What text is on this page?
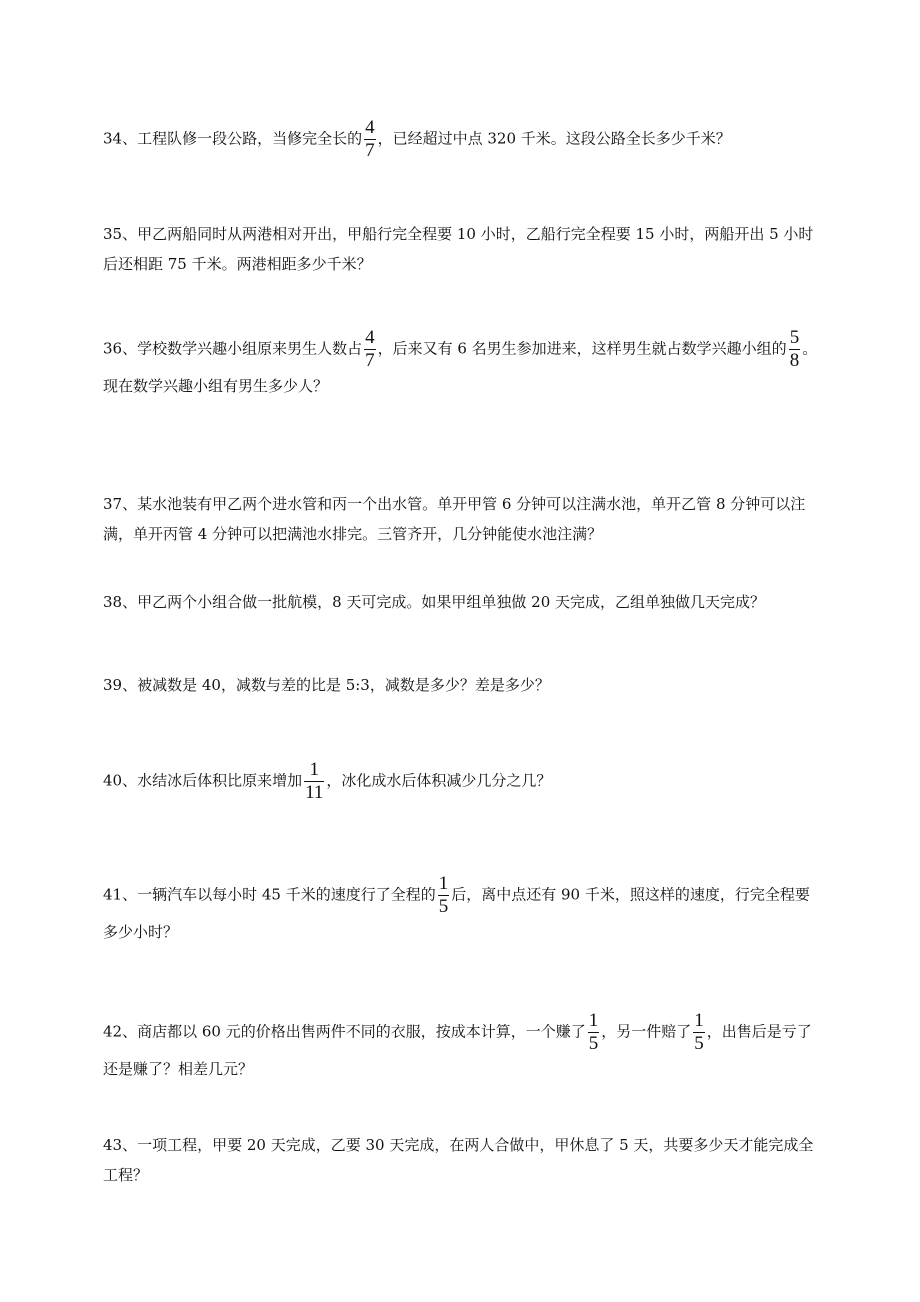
34、工程队修一段公路，当修完全长的 $\frac{4}{7}$ ，已经超过中点 320 千米。这段公路全长多少千米？
35、甲乙两船同时从两港相对开出，甲船行完全程要 10 小时，乙船行完全程要 15 小时，两船开出 5 小时后还相距 75 千米。两港相距多少千米？
36、学校数学兴趣小组原来男生人数占 $\frac{4}{7}$ ，后来又有 6 名男生参加进来，这样男生就占数学兴趣小组的 $\frac{5}{8}$ 。现在数学兴趣小组有男生多少人？
37、某水池装有甲乙两个进水管和丙一个出水管。单开甲管 6 分钟可以注满水池，单开乙管 8 分钟可以注满，单开丙管 4 分钟可以把满池水排完。三管齐开，几分钟能使水池注满？
38、甲乙两个小组合做一批航模，8 天可完成。如果甲组单独做 20 天完成，乙组单独做几天完成？
39、被减数是 40，减数与差的比是 5:3，减数是多少？差是多少？
40、水结冰后体积比原来增加 $\frac{1}{11}$ ，冰化成水后体积减少几分之几？
41、一辆汽车以每小时 45 千米的速度行了全程的 $\frac{1}{5}$ 后，离中点还有 90 千米，照这样的速度，行完全程要多少小时？
42、商店都以 60 元的价格出售两件不同的衣服，按成本计算，一个赚了 $\frac{1}{5}$ ，另一件赔了 $\frac{1}{5}$ ，出售后是亏了还是赚了？相差几元？
43、一项工程，甲要 20 天完成，乙要 30 天完成，在两人合做中，甲休息了 5 天，共要多少天才能完成全工程？
